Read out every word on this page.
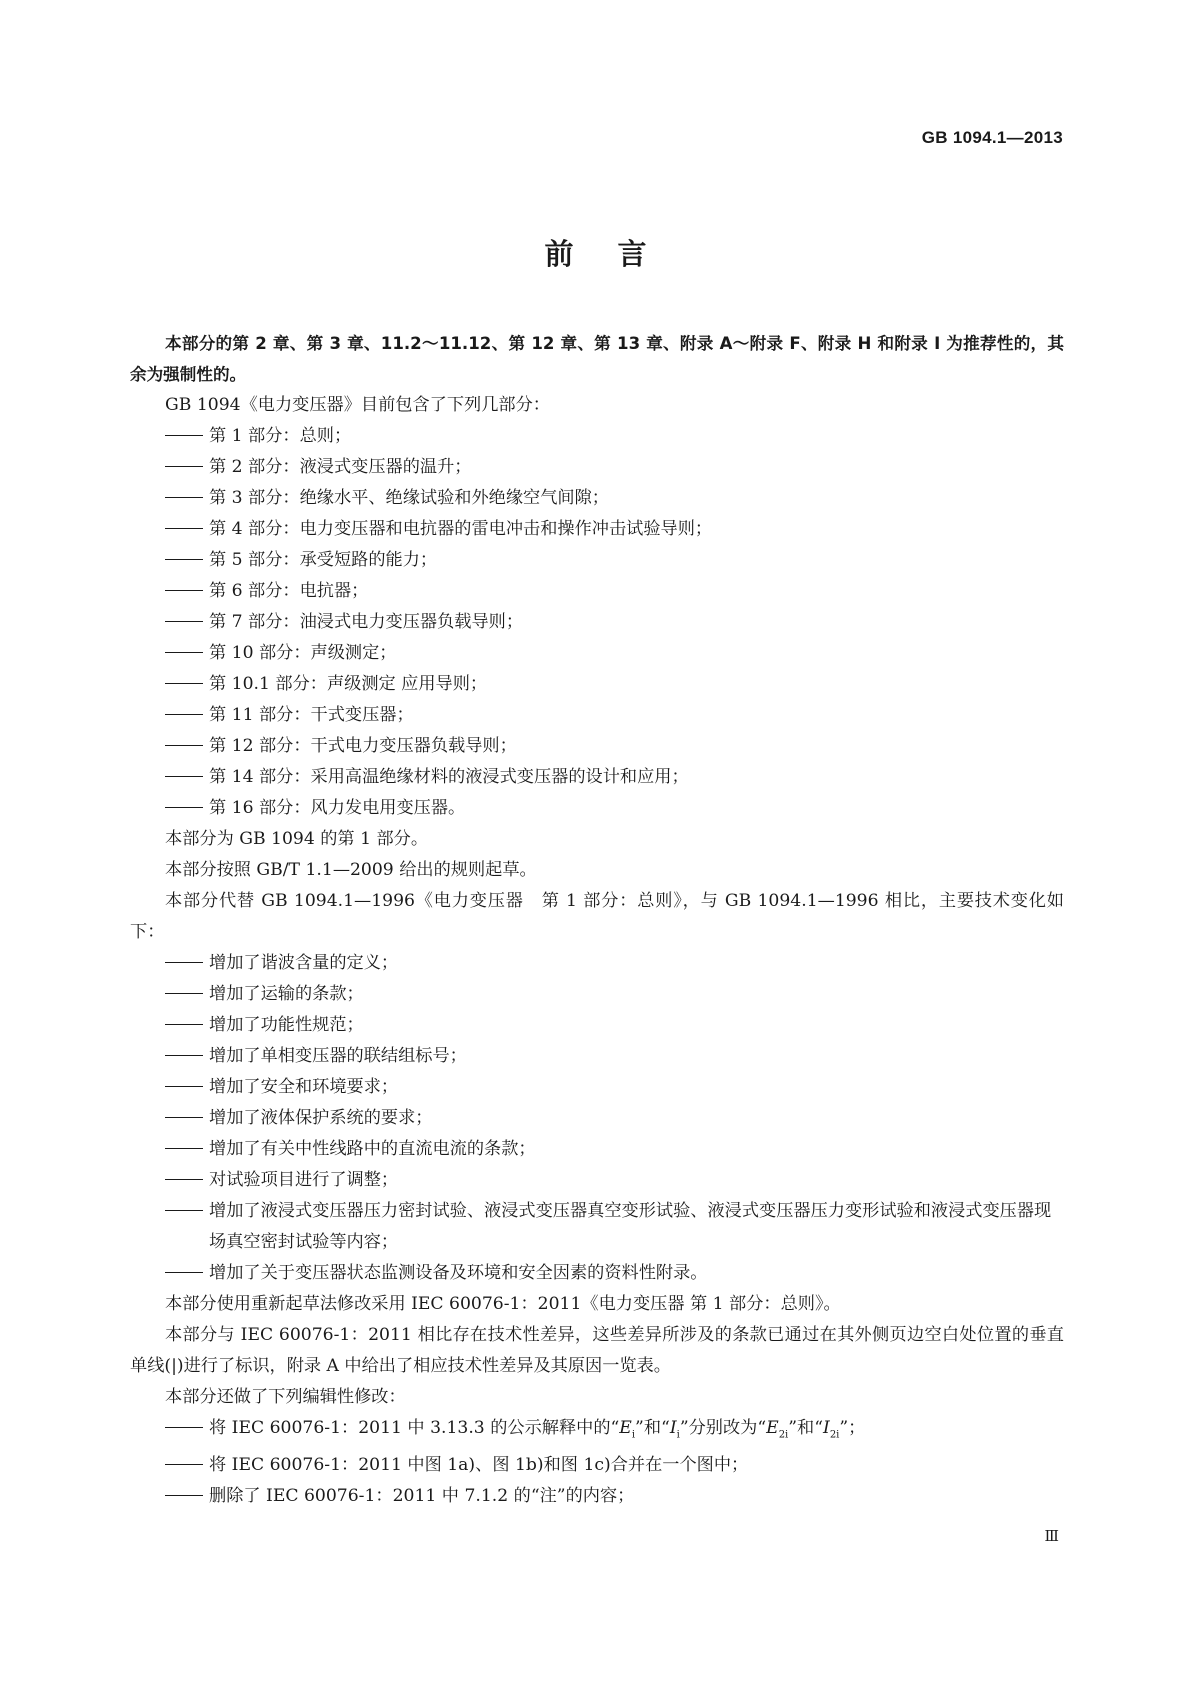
GB 1094.1—2013
前言

本部分的第 2 章、第 3 章、11.2～11.12、第 12 章、第 13 章、附录 A～附录 F、附录 H 和附录 I 为推荐性的，其余为强制性的。

GB 1094《电力变压器》目前包含了下列几部分：

第 1 部分：总则；

第 2 部分：液浸式变压器的温升；

第 3 部分：绝缘水平、绝缘试验和外绝缘空气间隙；

第 4 部分：电力变压器和电抗器的雷电冲击和操作冲击试验导则；

第 5 部分：承受短路的能力；

第 6 部分：电抗器；

第 7 部分：油浸式电力变压器负载导则；

第 10 部分：声级测定；

第 10.1 部分：声级测定 应用导则；

第 11 部分：干式变压器；

第 12 部分：干式电力变压器负载导则；

第 14 部分：采用高温绝缘材料的液浸式变压器的设计和应用；

第 16 部分：风力发电用变压器。

本部分为 GB 1094 的第 1 部分。

本部分按照 GB/T 1.1—2009 给出的规则起草。

本部分代替 GB 1094.1—1996《电力变压器　第 1 部分：总则》，与 GB 1094.1—1996 相比，主要技术变化如下：

增加了谐波含量的定义；

增加了运输的条款；

增加了功能性规范；

增加了单相变压器的联结组标号；

增加了安全和环境要求；

增加了液体保护系统的要求；

增加了有关中性线路中的直流电流的条款；

对试验项目进行了调整；

增加了液浸式变压器压力密封试验、液浸式变压器真空变形试验、液浸式变压器压力变形试验和液浸式变压器现场真空密封试验等内容；

增加了关于变压器状态监测设备及环境和安全因素的资料性附录。

本部分使用重新起草法修改采用 IEC 60076-1：2011《电力变压器 第 1 部分：总则》。

本部分与 IEC 60076-1：2011 相比存在技术性差异，这些差异所涉及的条款已通过在其外侧页边空白处位置的垂直单线(|)进行了标识，附录 A 中给出了相应技术性差异及其原因一览表。

本部分还做了下列编辑性修改：

将 IEC 60076-1：2011 中 3.13.3 的公示解释中的“$E_i$”和“$I_i$”分别改为“$E_{2i}$”和“$I_{2i}$”；

将 IEC 60076-1：2011 中图 1a)、图 1b)和图 1c)合并在一个图中；

删除了 IEC 60076-1：2011 中 7.1.2 的“注”的内容；

Ⅲ
